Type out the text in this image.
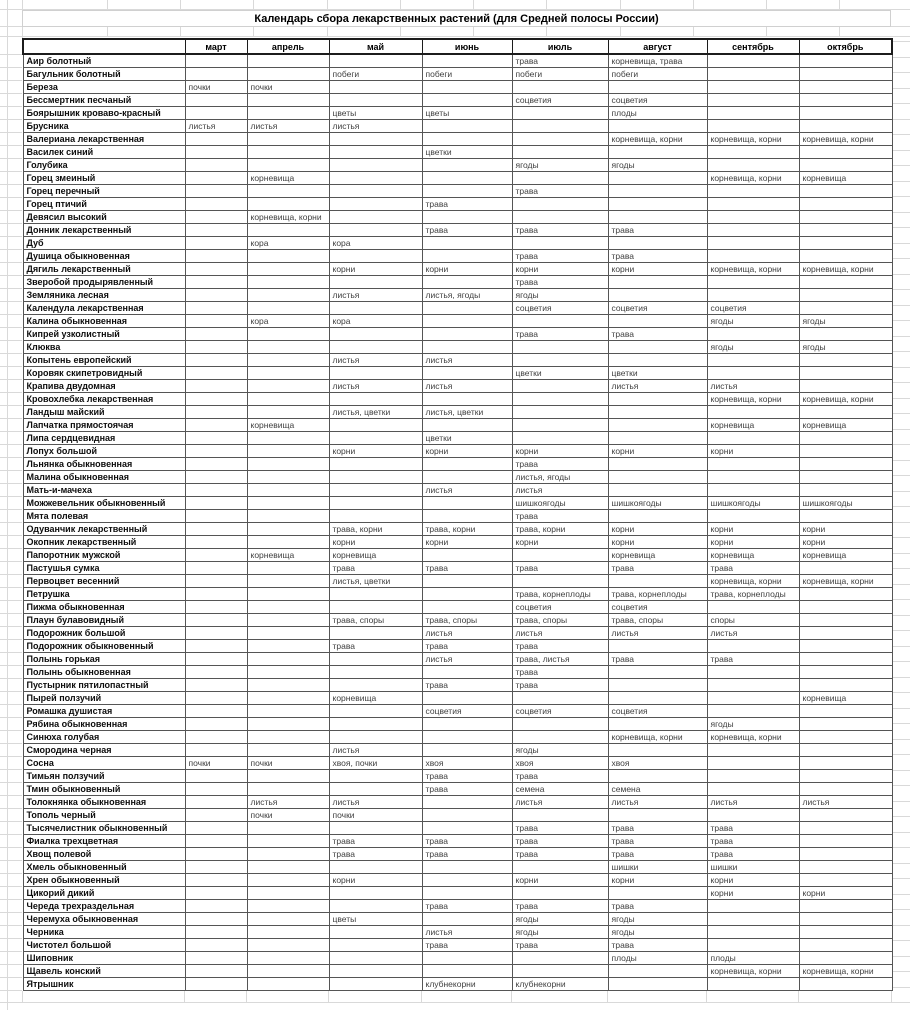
Календарь сбора лекарственных растений (для Средней полосы России)
	март	апрель	май	июнь	июль	август	сентябрь	октябрь
Аир болотный					трава	корневища, трава		
Багульник болотный			побеги	побеги	побеги	побеги		
Береза	почки	почки						
Бессмертник песчаный					соцветия	соцветия		
Боярышник кроваво-красный			цветы	цветы		плоды		
Брусника	листья	листья	листья					
Валериана лекарственная						корневища, корни	корневища, корни	корневища, корни
Василек синий				цветки				
Голубика					ягоды	ягоды		
Горец змеиный		корневища					корневища, корни	корневища
Горец перечный					трава			
Горец птичий				трава				
Девясил высокий		корневища, корни						
Донник лекарственный				трава	трава	трава		
Дуб		кора	кора					
Душица обыкновенная					трава	трава		
Дягиль лекарственный			корни	корни	корни	корни	корневища, корни	корневища, корни
Зверобой продырявленный					трава			
Земляника лесная			листья	листья, ягоды	ягоды			
Календула лекарственная					соцветия	соцветия	соцветия	
Калина обыкновенная		кора	кора				ягоды	ягоды
Кипрей узколистный					трава	трава		
Клюква							ягоды	ягоды
Копытень европейский			листья	листья				
Коровяк скипетровидный					цветки	цветки		
Крапива двудомная			листья	листья		листья	листья	
Кровохлебка лекарственная							корневища, корни	корневища, корни
Ландыш майский			листья, цветки	листья, цветки				
Лапчатка прямостоячая		корневища					корневища	корневища
Липа сердцевидная				цветки				
Лопух большой			корни	корни	корни	корни	корни	
Льнянка обыкновенная					трава			
Малина обыкновенная					листья, ягоды			
Мать-и-мачеха				листья	листья			
Можжевельник обыкновенный					шишкоягоды	шишкоягоды	шишкоягоды	шишкоягоды
Мята полевая					трава			
Одуванчик лекарственный			трава, корни	трава, корни	трава, корни	корни	корни	корни
Окопник лекарственный			корни	корни	корни	корни	корни	корни
Папоротник мужской		корневища	корневища			корневища	корневища	корневища
Пастушья сумка			трава	трава	трава	трава	трава	
Первоцвет весенний			листья, цветки				корневища, корни	корневища, корни
Петрушка					трава, корнеплоды	трава, корнеплоды	трава, корнеплоды	
Пижма обыкновенная					соцветия	соцветия		
Плаун булавовидный			трава, споры	трава, споры	трава, споры	трава, споры	споры	
Подорожник большой				листья	листья	листья	листья	
Подорожник обыкновенный			трава	трава	трава			
Полынь горькая				листья	трава, листья	трава	трава	
Полынь обыкновенная					трава			
Пустырник пятилопастный				трава	трава			
Пырей ползучий			корневища					корневища
Ромашка душистая				соцветия	соцветия	соцветия		
Рябина обыкновенная							ягоды	
Синюха голубая						корневища, корни	корневища, корни	
Смородина черная			листья		ягоды			
Сосна	почки	почки	хвоя, почки	хвоя	хвоя	хвоя		
Тимьян ползучий				трава	трава			
Тмин обыкновенный				трава	семена	семена		
Толокнянка обыкновенная		листья	листья		листья	листья	листья	листья
Тополь черный		почки	почки					
Тысячелистник обыкновенный					трава	трава	трава	
Фиалка трехцветная			трава	трава	трава	трава	трава	
Хвощ полевой			трава	трава	трава	трава	трава	
Хмель обыкновенный						шишки	шишки	
Хрен обыкновенный			корни		корни	корни	корни	
Цикорий дикий							корни	корни
Череда трехраздельная				трава	трава	трава		
Черемуха обыкновенная			цветы		ягоды	ягоды		
Черника				листья	ягоды	ягоды		
Чистотел большой				трава	трава	трава		
Шиповник						плоды	плоды	
Щавель конский							корневища, корни	корневища, корни
Ятрышник				клубнекорни	клубнекорни			
